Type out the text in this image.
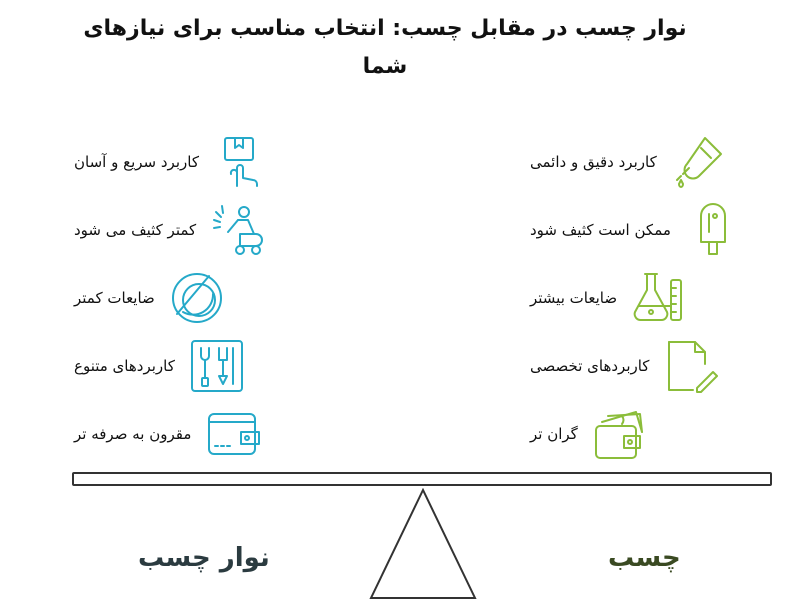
نوار چسب در مقابل چسب: انتخاب مناسب برای نیازهای شما
کاربرد سریع و آسان
کمتر کثیف می شود
ضایعات کمتر
کاربردهای متنوع
مقرون به صرفه تر
کاربرد دقیق و دائمی
ممکن است کثیف شود
ضایعات بیشتر
کاربردهای تخصصی
گران تر
نوار چسب	چسب
